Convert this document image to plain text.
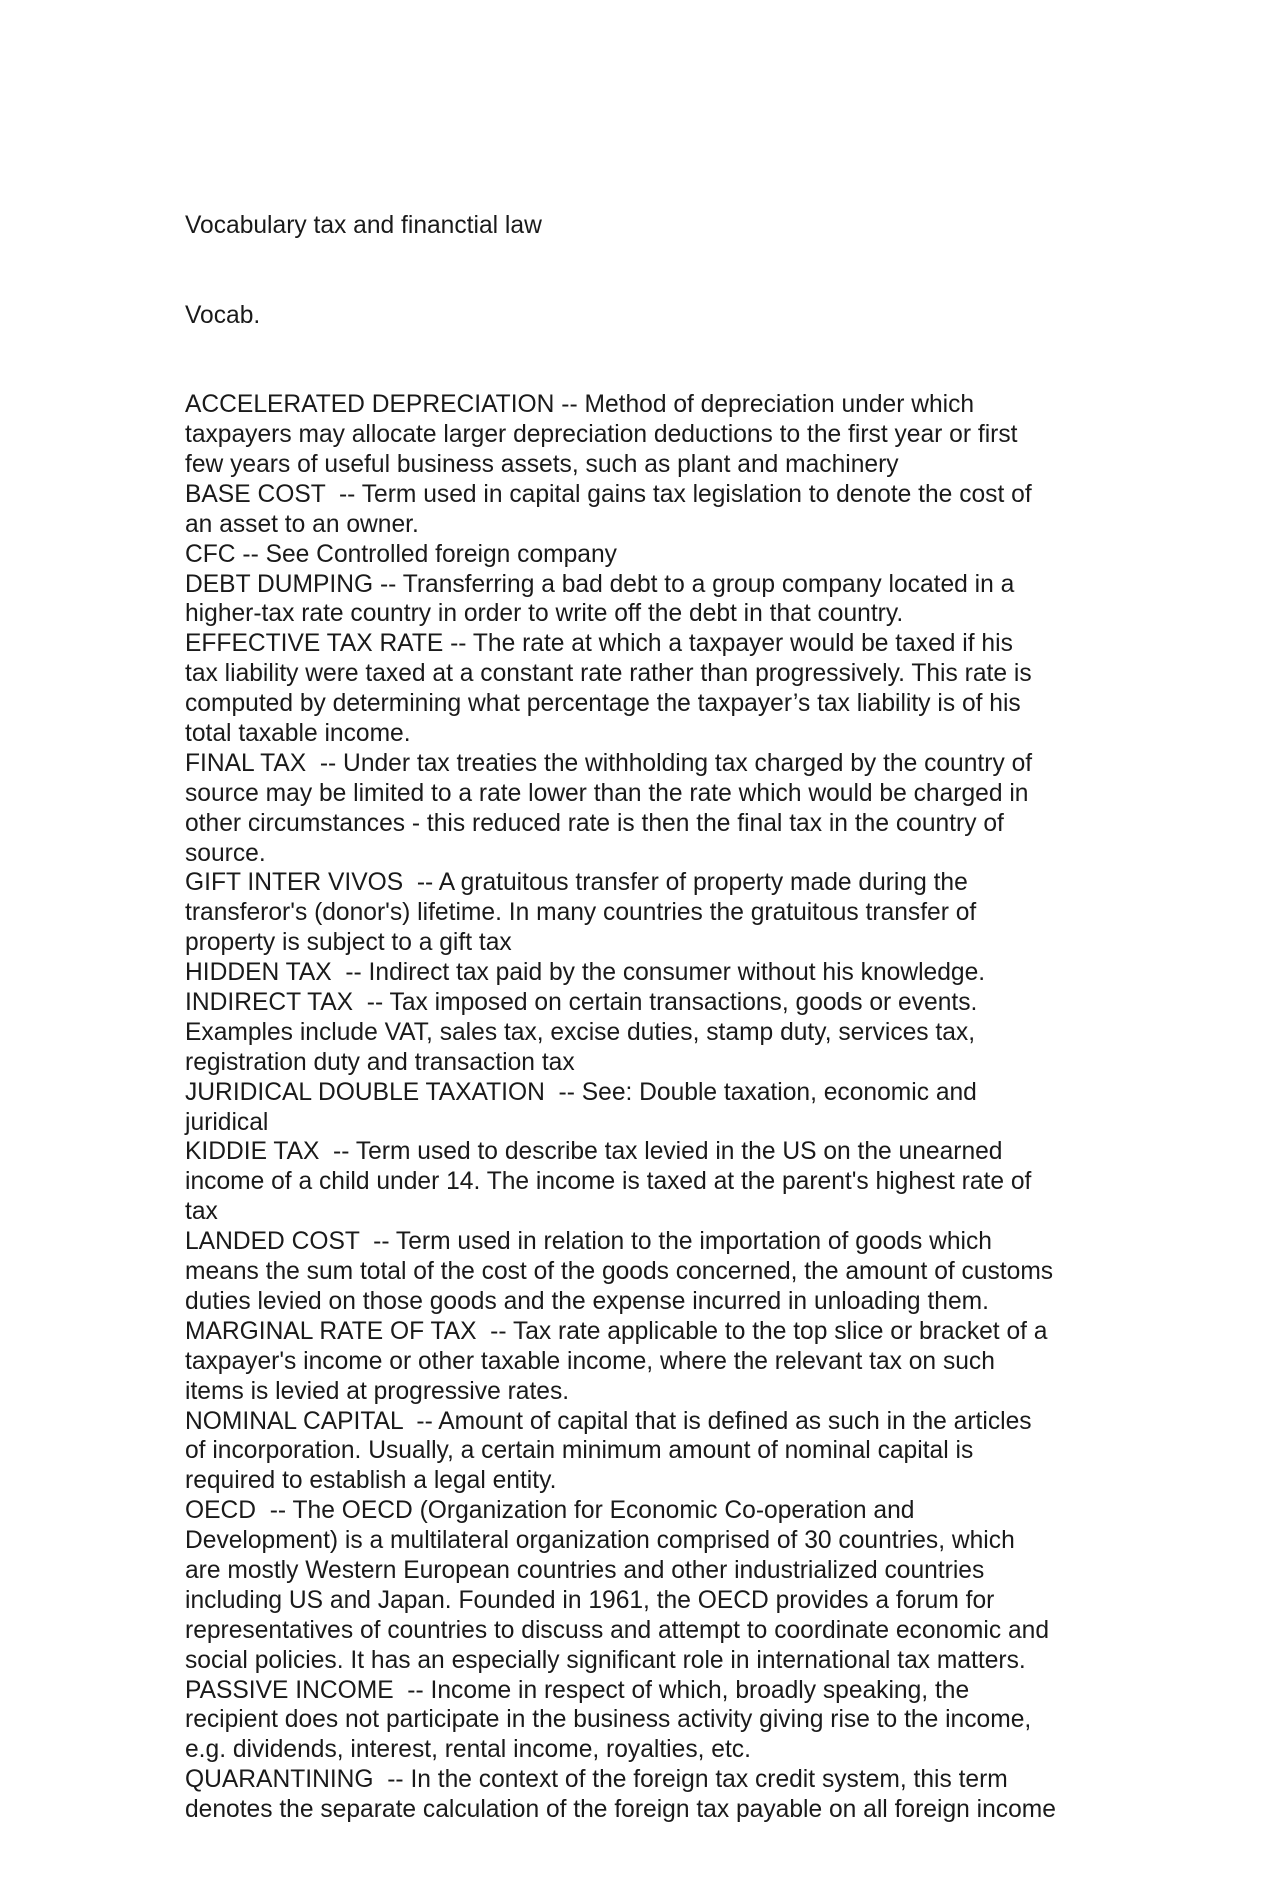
Vocabulary tax and financtial law

Vocab.

ACCELERATED DEPRECIATION -- Method of depreciation under which
taxpayers may allocate larger depreciation deductions to the first year or first
few years of useful business assets, such as plant and machinery
BASE COST  -- Term used in capital gains tax legislation to denote the cost of
an asset to an owner.
CFC -- See Controlled foreign company
DEBT DUMPING -- Transferring a bad debt to a group company located in a
higher-tax rate country in order to write off the debt in that country.
EFFECTIVE TAX RATE -- The rate at which a taxpayer would be taxed if his
tax liability were taxed at a constant rate rather than progressively. This rate is
computed by determining what percentage the taxpayer’s tax liability is of his
total taxable income.
FINAL TAX  -- Under tax treaties the withholding tax charged by the country of
source may be limited to a rate lower than the rate which would be charged in
other circumstances - this reduced rate is then the final tax in the country of
source.
GIFT INTER VIVOS  -- A gratuitous transfer of property made during the
transferor's (donor's) lifetime. In many countries the gratuitous transfer of
property is subject to a gift tax
HIDDEN TAX  -- Indirect tax paid by the consumer without his knowledge.
INDIRECT TAX  -- Tax imposed on certain transactions, goods or events.
Examples include VAT, sales tax, excise duties, stamp duty, services tax,
registration duty and transaction tax
JURIDICAL DOUBLE TAXATION  -- See: Double taxation, economic and
juridical
KIDDIE TAX  -- Term used to describe tax levied in the US on the unearned
income of a child under 14. The income is taxed at the parent's highest rate of
tax
LANDED COST  -- Term used in relation to the importation of goods which
means the sum total of the cost of the goods concerned, the amount of customs
duties levied on those goods and the expense incurred in unloading them.
MARGINAL RATE OF TAX  -- Tax rate applicable to the top slice or bracket of a
taxpayer's income or other taxable income, where the relevant tax on such
items is levied at progressive rates.
NOMINAL CAPITAL  -- Amount of capital that is defined as such in the articles
of incorporation. Usually, a certain minimum amount of nominal capital is
required to establish a legal entity.
OECD  -- The OECD (Organization for Economic Co-operation and
Development) is a multilateral organization comprised of 30 countries, which
are mostly Western European countries and other industrialized countries
including US and Japan. Founded in 1961, the OECD provides a forum for
representatives of countries to discuss and attempt to coordinate economic and
social policies. It has an especially significant role in international tax matters.
PASSIVE INCOME  -- Income in respect of which, broadly speaking, the
recipient does not participate in the business activity giving rise to the income,
e.g. dividends, interest, rental income, royalties, etc.
QUARANTINING  -- In the context of the foreign tax credit system, this term
denotes the separate calculation of the foreign tax payable on all foreign income
